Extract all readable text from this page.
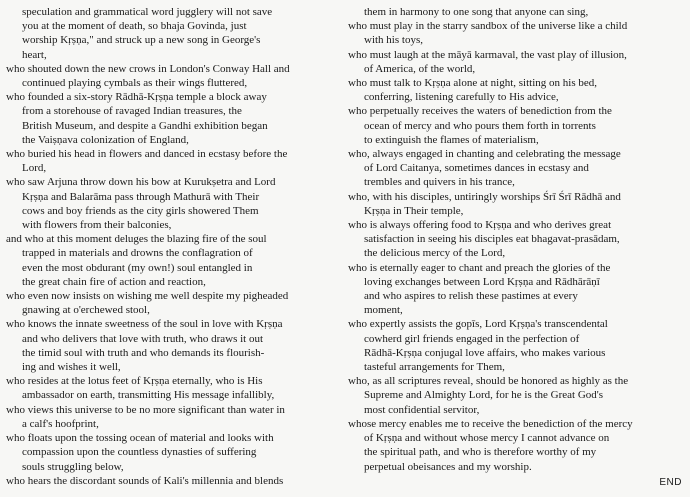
speculation and grammatical word jugglery will not save
you at the moment of death, so bhaja Govinda, just
worship Kṛṣṇa," and struck up a new song in George's
heart,
who shouted down the new crows in London's Conway Hall and
continued playing cymbals as their wings fluttered,
who founded a six-story Rādhā-Kṛṣṇa temple a block away
from a storehouse of ravaged Indian treasures, the
British Museum, and despite a Gandhi exhibition began
the Vaiṣṇava colonization of England,
who buried his head in flowers and danced in ecstasy before the
Lord,
who saw Arjuna throw down his bow at Kurukṣetra and Lord
Kṛṣṇa and Balarāma pass through Mathurā with Their
cows and boy friends as the city girls showered Them
with flowers from their balconies,
and who at this moment deluges the blazing fire of the soul
trapped in materials and drowns the conflagration of
even the most obdurant (my own!) soul entangled in
the great chain fire of action and reaction,
who even now insists on wishing me well despite my pigheaded
gnawing at o'erchewed stool,
who knows the innate sweetness of the soul in love with Kṛṣṇa
and who delivers that love with truth, who draws it out
the timid soul with truth and who demands its flourish-
ing and wishes it well,
who resides at the lotus feet of Kṛṣṇa eternally, who is His
ambassador on earth, transmitting His message infallibly,
who views this universe to be no more significant than water in
a calf's hoofprint,
who floats upon the tossing ocean of material and looks with
compassion upon the countless dynasties of suffering
souls struggling below,
who hears the discordant sounds of Kali's millennia and blends
them in harmony to one song that anyone can sing,
who must play in the starry sandbox of the universe like a child
with his toys,
who must laugh at the māyā karmaval, the vast play of illusion,
of America, of the world,
who must talk to Kṛṣṇa alone at night, sitting on his bed,
conferring, listening carefully to His advice,
who perpetually receives the waters of benediction from the
ocean of mercy and who pours them forth in torrents
to extinguish the flames of materialism,
who, always engaged in chanting and celebrating the message
of Lord Caitanya, sometimes dances in ecstasy and
trembles and quivers in his trance,
who, with his disciples, untiringly worships Śrī Śrī Rādhā and
Kṛṣṇa in Their temple,
who is always offering food to Kṛṣṇa and who derives great
satisfaction in seeing his disciples eat bhagavat-prasādam,
the delicious mercy of the Lord,
who is eternally eager to chant and preach the glories of the
loving exchanges between Lord Kṛṣṇa and Rādhārāṇī
and who aspires to relish these pastimes at every
moment,
who expertly assists the gopīs, Lord Kṛṣṇa's transcendental
cowherd girl friends engaged in the perfection of
Rādhā-Kṛṣṇa conjugal love affairs, who makes various
tasteful arrangements for Them,
who, as all scriptures reveal, should be honored as highly as the
Supreme and Almighty Lord, for he is the Great God's
most confidential servitor,
whose mercy enables me to receive the benediction of the mercy
of Kṛṣṇa and without whose mercy I cannot advance on
the spiritual path, and who is therefore worthy of my
perpetual obeisances and my worship.
END
